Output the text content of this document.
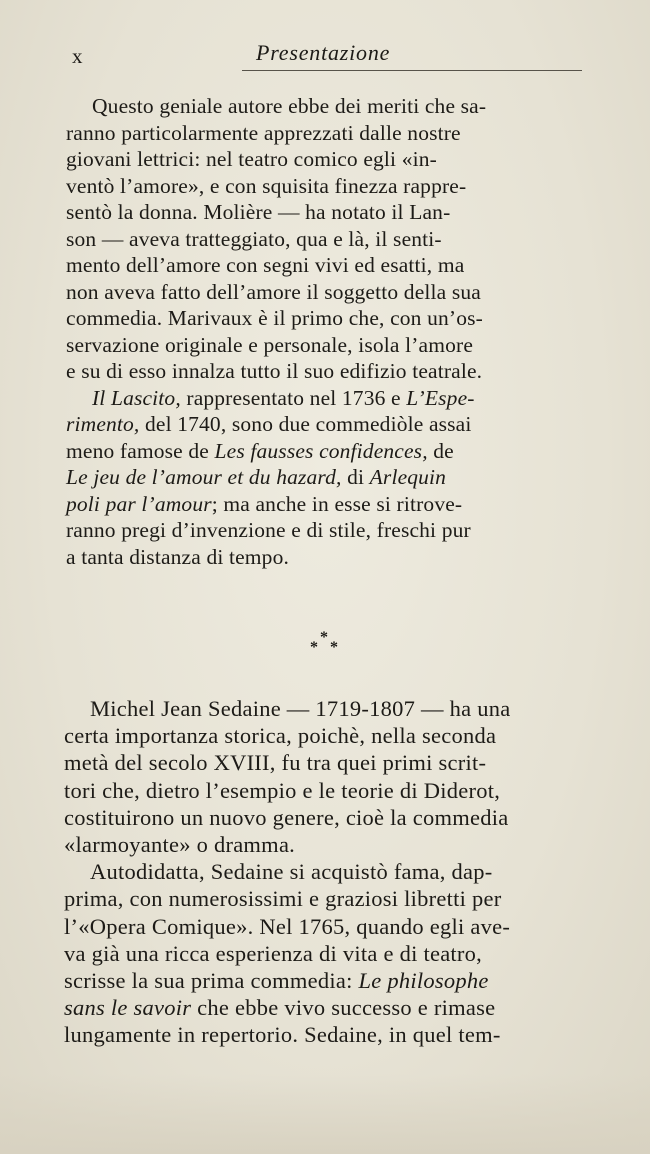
x	Presentazione
Questo geniale autore ebbe dei meriti che sa-
ranno particolarmente apprezzati dalle nostre
giovani lettrici: nel teatro comico egli «in-
ventò l’amore», e con squisita finezza rappre-
sentò la donna. Molière — ha notato il Lan-
son — aveva tratteggiato, qua e là, il senti-
mento dell’amore con segni vivi ed esatti, ma
non aveva fatto dell’amore il soggetto della sua
commedia. Marivaux è il primo che, con un’os-
servazione originale e personale, isola l’amore
e su di esso innalza tutto il suo edifizio teatrale.
Il Lascito, rappresentato nel 1736 e L’Espe-
rimento, del 1740, sono due commediòle assai
meno famose de Les fausses confidences, de
Le jeu de l’amour et du hazard, di Arlequin
poli par l’amour; ma anche in esse si ritrove-
ranno pregi d’invenzione e di stile, freschi pur
a tanta distanza di tempo.
*
* *
Michel Jean Sedaine — 1719-1807 — ha una
certa importanza storica, poichè, nella seconda
metà del secolo XVIII, fu tra quei primi scrit-
tori che, dietro l’esempio e le teorie di Diderot,
costituirono un nuovo genere, cioè la commedia
«larmoyante» o dramma.
Autodidatta, Sedaine si acquistò fama, dap-
prima, con numerosissimi e graziosi libretti per
l’«Opera Comique». Nel 1765, quando egli ave-
va già una ricca esperienza di vita e di teatro,
scrisse la sua prima commedia: Le philosophe
sans le savoir che ebbe vivo successo e rimase
lungamente in repertorio. Sedaine, in quel tem-
